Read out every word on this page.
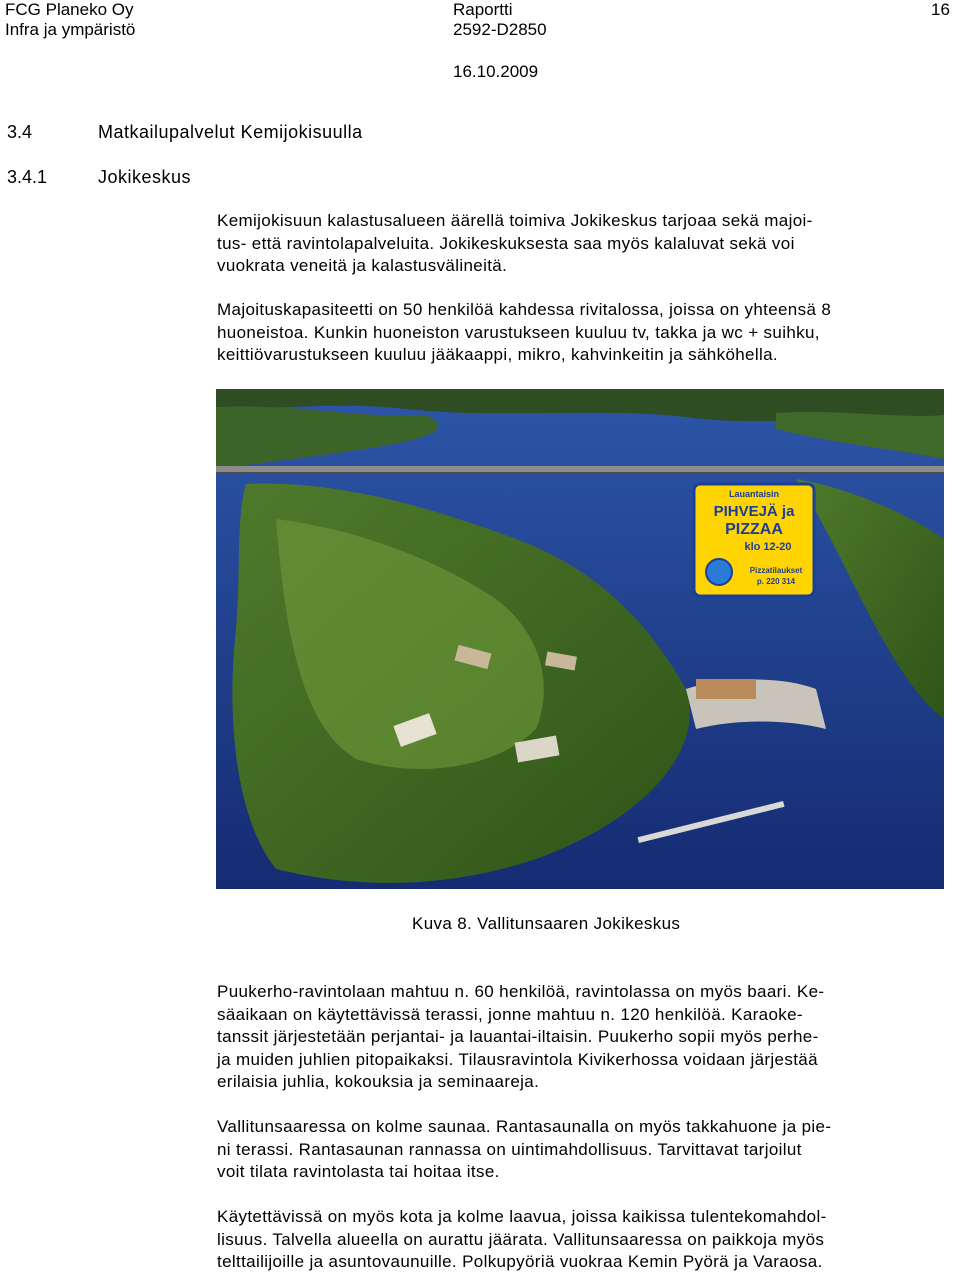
FCG Planeko Oy
Infra ja ympäristö
Raportti
2592-D2850
16.10.2009
16
3.4	Matkailupalvelut Kemijokisuulla
3.4.1	Jokikeskus
Kemijokisuun kalastusalueen äärellä toimiva Jokikeskus tarjoaa sekä majoi-
tus- että ravintolapalveluita. Jokikeskuksesta saa myös kalaluvat sekä voi
vuokrata veneitä ja kalastusvälineitä.
Majoituskapasiteetti on 50 henkilöä kahdessa rivitalossa, joissa on yhteensä 8
huoneistoa. Kunkin huoneiston varustukseen kuuluu tv, takka ja wc + suihku,
keittiövarustukseen kuuluu jääkaappi, mikro, kahvinkeitin ja sähköhella.
Lauantaisin
PIHVEJÄ ja
PIZZAA
klo 12-20
Pizzatilaukset
p. 220 314
Kuva 8. Vallitunsaaren Jokikeskus
Puukerho-ravintolaan mahtuu n. 60 henkilöä, ravintolassa on myös baari. Ke-
säaikaan on käytettävissä terassi, jonne mahtuu n. 120 henkilöä. Karaoke-
tanssit järjestetään perjantai- ja lauantai-iltaisin. Puukerho sopii myös perhe-
ja muiden juhlien pitopaikaksi. Tilausravintola Kivikerhossa voidaan järjestää
erilaisia juhlia, kokouksia ja seminaareja.
Vallitunsaaressa on kolme saunaa. Rantasaunalla on myös takkahuone ja pie-
ni terassi. Rantasaunan rannassa on uintimahdollisuus. Tarvittavat tarjoilut
voit tilata ravintolasta tai hoitaa itse.
Käytettävissä on myös kota ja kolme laavua, joissa kaikissa tulentekomahdol-
lisuus. Talvella alueella on aurattu jäärata. Vallitunsaaressa on paikkoja myös
telttailijoille ja asuntovaunuille. Polkupyöriä vuokraa Kemin Pyörä ja Varaosa.
